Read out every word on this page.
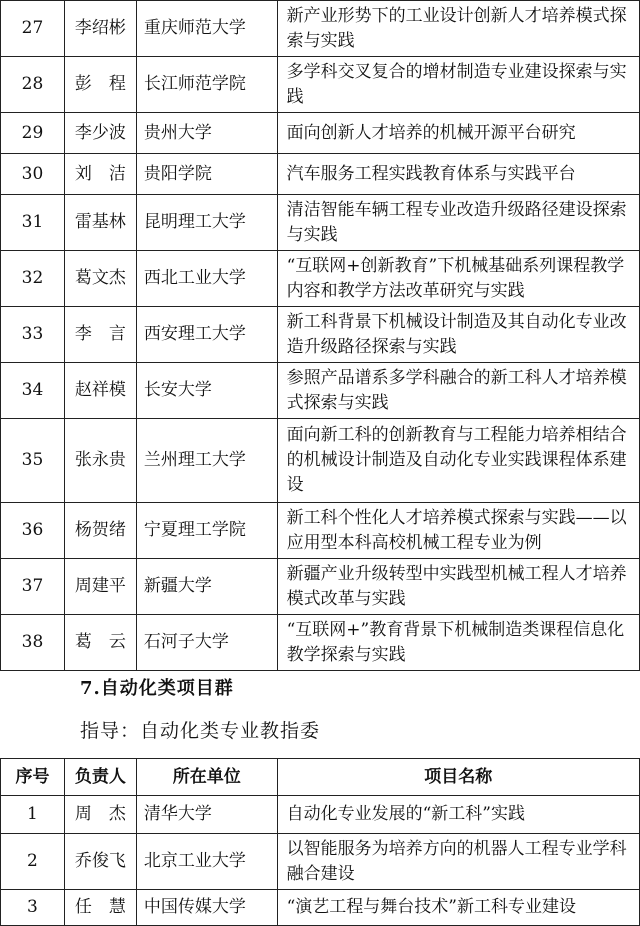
27	李绍彬	重庆师范大学	新产业形势下的工业设计创新人才培养模式探索与实践
28	彭　程	长江师范学院	多学科交叉复合的增材制造专业建设探索与实践
29	李少波	贵州大学	面向创新人才培养的机械开源平台研究
30	刘　洁	贵阳学院	汽车服务工程实践教育体系与实践平台
31	雷基林	昆明理工大学	清洁智能车辆工程专业改造升级路径建设探索与实践
32	葛文杰	西北工业大学	“互联网+创新教育”下机械基础系列课程教学内容和教学方法改革研究与实践
33	李　言	西安理工大学	新工科背景下机械设计制造及其自动化专业改造升级路径探索与实践
34	赵祥模	长安大学	参照产品谱系多学科融合的新工科人才培养模式探索与实践
35	张永贵	兰州理工大学	面向新工科的创新教育与工程能力培养相结合的机械设计制造及自动化专业实践课程体系建设
36	杨贺绪	宁夏理工学院	新工科个性化人才培养模式探索与实践——以应用型本科高校机械工程专业为例
37	周建平	新疆大学	新疆产业升级转型中实践型机械工程人才培养模式改革与实践
38	葛　云	石河子大学	“互联网+”教育背景下机械制造类课程信息化教学探索与实践
7.自动化类项目群
指导：自动化类专业教指委
序号	负责人	所在单位	项目名称
1	周　杰	清华大学	自动化专业发展的“新工科”实践
2	乔俊飞	北京工业大学	以智能服务为培养方向的机器人工程专业学科融合建设
3	任　慧	中国传媒大学	“演艺工程与舞台技术”新工科专业建设
